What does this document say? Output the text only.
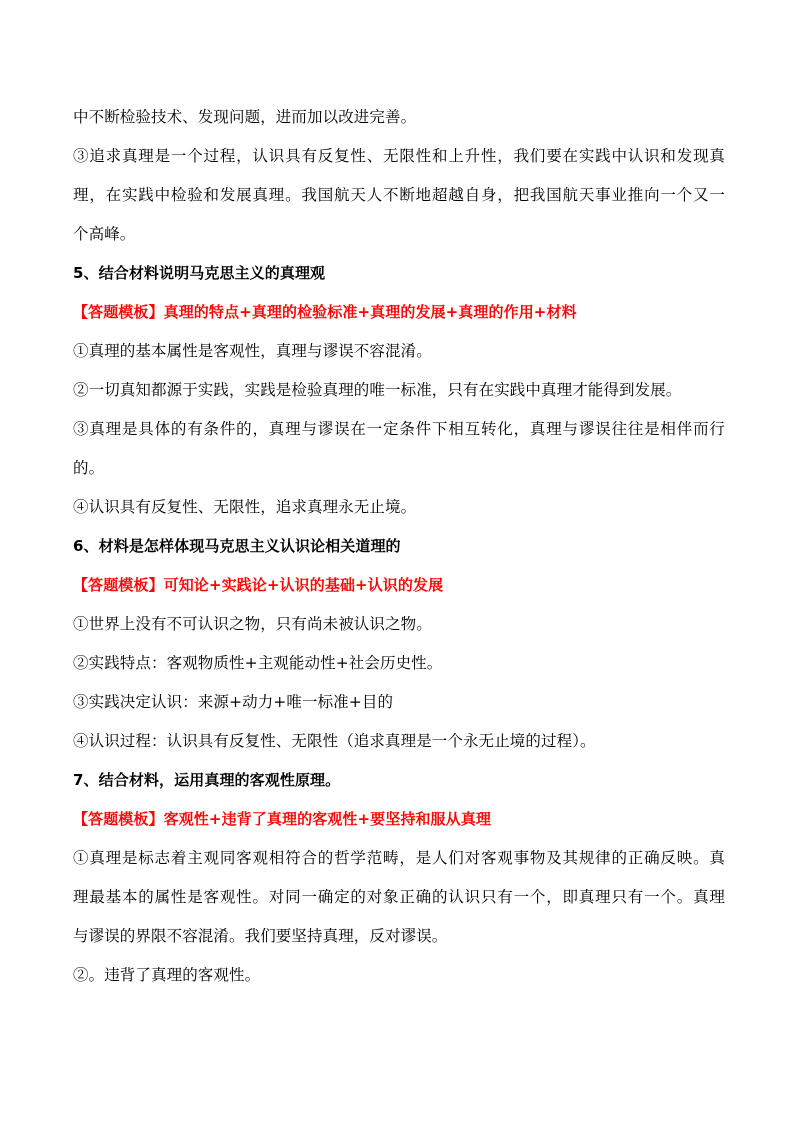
中不断检验技术、发现问题，进而加以改进完善。
③追求真理是一个过程，认识具有反复性、无限性和上升性，我们要在实践中认识和发现真
理，在实践中检验和发展真理。我国航天人不断地超越自身，把我国航天事业推向一个又一
个高峰。
5、结合材料说明马克思主义的真理观
【答题模板】真理的特点+真理的检验标准+真理的发展+真理的作用+材料
①真理的基本属性是客观性，真理与谬误不容混淆。
②一切真知都源于实践，实践是检验真理的唯一标准，只有在实践中真理才能得到发展。
③真理是具体的有条件的，真理与谬误在一定条件下相互转化，真理与谬误往往是相伴而行
的。
④认识具有反复性、无限性，追求真理永无止境。
6、材料是怎样体现马克思主义认识论相关道理的
【答题模板】可知论+实践论+认识的基础+认识的发展
①世界上没有不可认识之物，只有尚未被认识之物。
②实践特点：客观物质性+主观能动性+社会历史性。
③实践决定认识：来源+动力+唯一标准+目的
④认识过程：认识具有反复性、无限性（追求真理是一个永无止境的过程）。
7、结合材料，运用真理的客观性原理。
【答题模板】客观性+违背了真理的客观性+要坚持和服从真理
①真理是标志着主观同客观相符合的哲学范畴，是人们对客观事物及其规律的正确反映。真
理最基本的属性是客观性。对同一确定的对象正确的认识只有一个，即真理只有一个。真理
与谬误的界限不容混淆。我们要坚持真理，反对谬误。
②。违背了真理的客观性。
